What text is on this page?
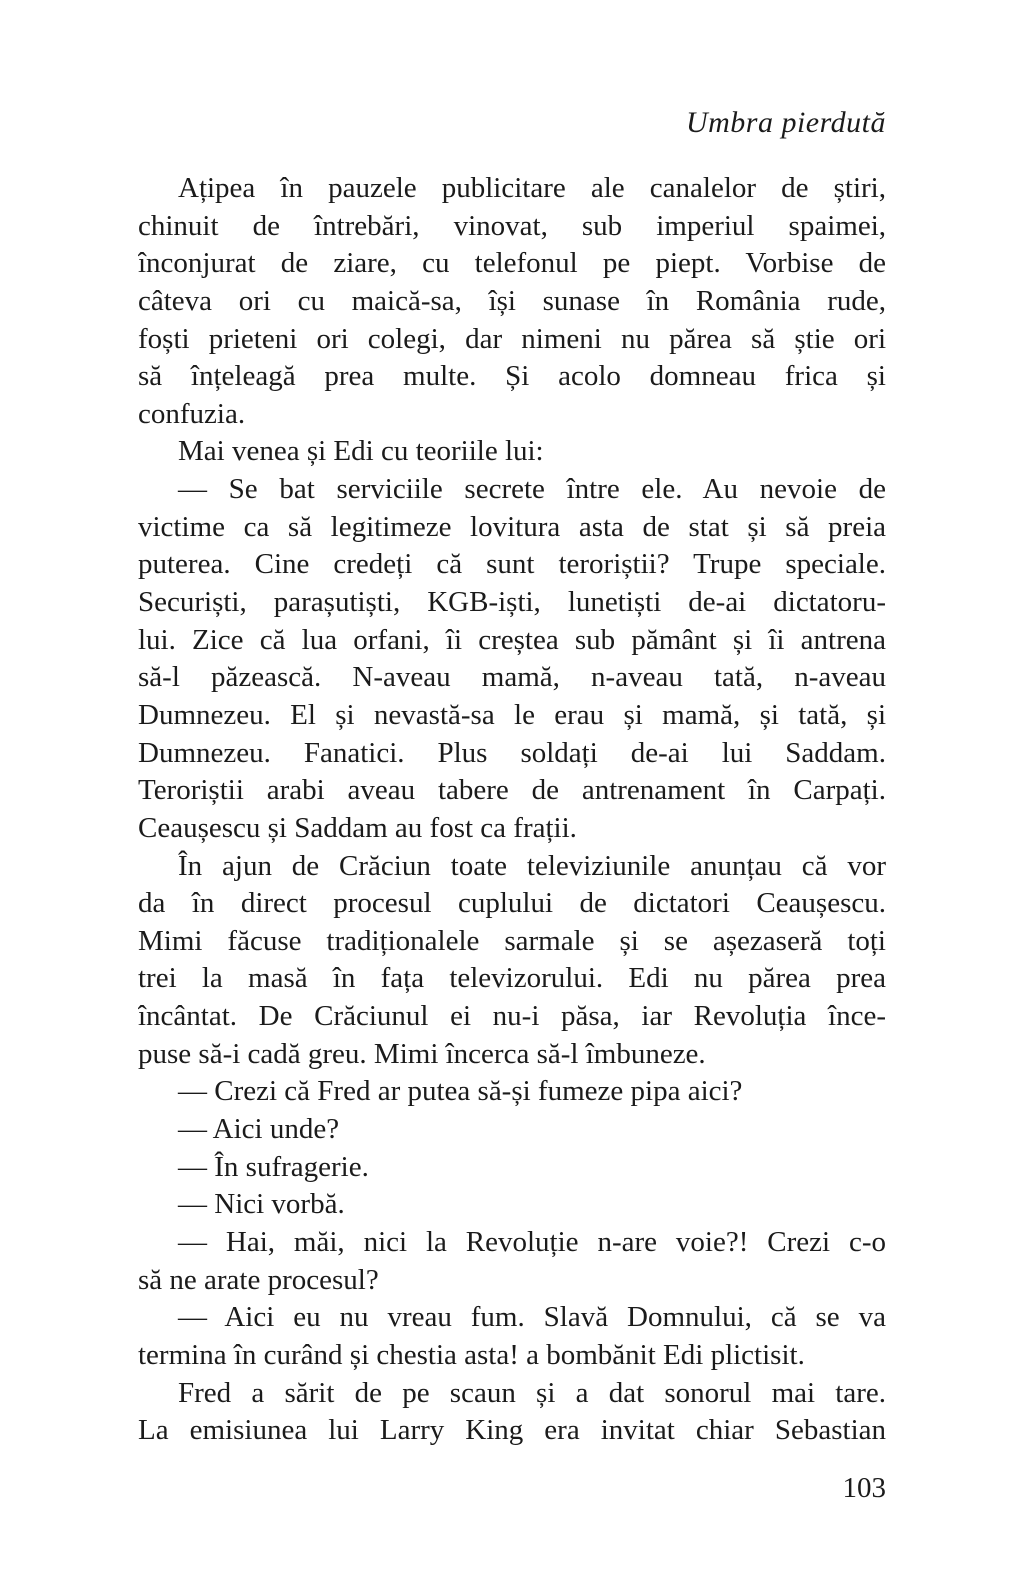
Umbra pierdută
Ațipea în pauzele publicitare ale canalelor de știri,
chinuit de întrebări, vinovat, sub imperiul spaimei,
înconjurat de ziare, cu telefonul pe piept. Vorbise de
câteva ori cu maică-sa, își sunase în România rude,
foști prieteni ori colegi, dar nimeni nu părea să știe ori
să înțeleagă prea multe. Și acolo domneau frica și
confuzia.
Mai venea și Edi cu teoriile lui:
— Se bat serviciile secrete între ele. Au nevoie de
victime ca să legitimeze lovitura asta de stat și să preia
puterea. Cine credeți că sunt teroriștii? Trupe speciale.
Securiști, parașutiști, KGB-iști, lunetiști de-ai dictatoru-
lui. Zice că lua orfani, îi creștea sub pământ și îi antrena
să-l păzească. N-aveau mamă, n-aveau tată, n-aveau
Dumnezeu. El și nevastă-sa le erau și mamă, și tată, și
Dumnezeu. Fanatici. Plus soldați de-ai lui Saddam.
Teroriștii arabi aveau tabere de antrenament în Carpați.
Ceaușescu și Saddam au fost ca frații.
În ajun de Crăciun toate televiziunile anunțau că vor
da în direct procesul cuplului de dictatori Ceaușescu.
Mimi făcuse tradiționalele sarmale și se așezaseră toți
trei la masă în fața televizorului. Edi nu părea prea
încântat. De Crăciunul ei nu-i păsa, iar Revoluția înce-
puse să-i cadă greu. Mimi încerca să-l îmbuneze.
— Crezi că Fred ar putea să-și fumeze pipa aici?
— Aici unde?
— În sufragerie.
— Nici vorbă.
— Hai, măi, nici la Revoluție n-are voie?! Crezi c-o
să ne arate procesul?
— Aici eu nu vreau fum. Slavă Domnului, că se va
termina în curând și chestia asta! a bombănit Edi plictisit.
Fred a sărit de pe scaun și a dat sonorul mai tare.
La emisiunea lui Larry King era invitat chiar Sebastian
103
